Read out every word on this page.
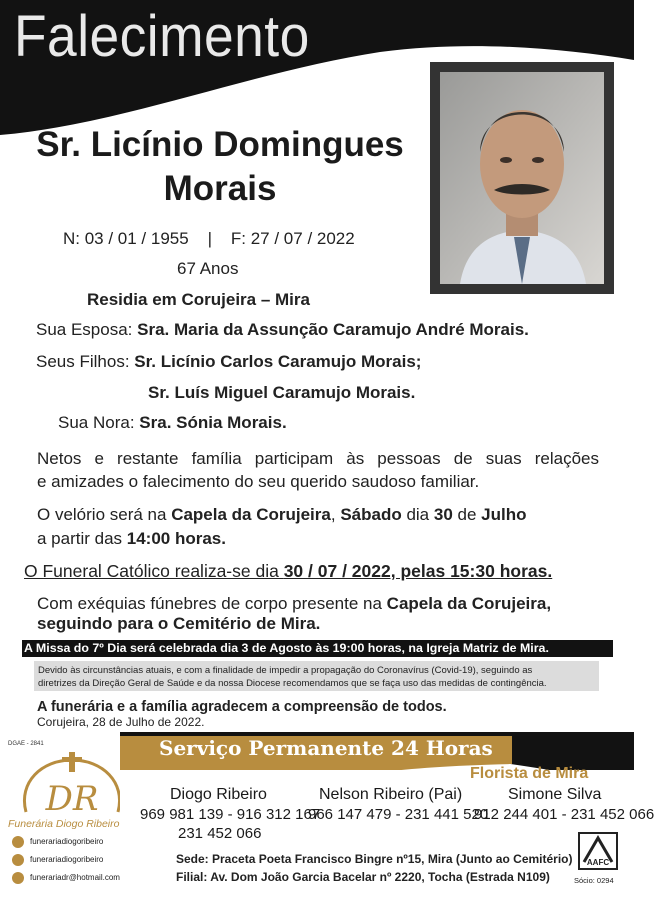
Falecimento
Sr. Licínio Domingues
Morais
N: 03 / 01 / 1955    |    F: 27 / 07 / 2022
67 Anos
Residia em Corujeira – Mira
Sua Esposa: Sra. Maria da Assunção Caramujo André Morais.
Seus Filhos: Sr. Licínio Carlos Caramujo Morais;
Sr. Luís Miguel Caramujo Morais.
Sua Nora: Sra. Sónia Morais.
Netos e restante família participam às pessoas de suas relações
e amizades o falecimento do seu querido saudoso familiar.
O velório será na Capela da Corujeira, Sábado dia 30 de Julho
a partir das 14:00 horas.
O Funeral Católico realiza-se dia 30 / 07 / 2022, pelas 15:30 horas.
Com exéquias fúnebres de corpo presente na Capela da Corujeira,
seguindo para o Cemitério de Mira.
A Missa do 7º Dia será celebrada dia 3 de Agosto às 19:00 horas, na Igreja Matriz de Mira.
Devido às circunstâncias atuais, e com a finalidade de impedir a propagação do Coronavírus (Covid-19), seguindo as
diretrizes da Direção Geral de Saúde e da nossa Diocese recomendamos que se faça uso das medidas de contingência.
A funerária e a família agradecem a compreensão de todos.
Corujeira, 28 de Julho de 2022.
DGAE - 2841	Serviço Permanente 24 Horas
DR
Funerária Diogo Ribeiro
funerariadiogoribeiro
funerariadiogoribeiro
funerariadr@hotmail.com
Florista de Mira
Diogo Ribeiro
969 981 139 - 916 312 167
231 452 066
Nelson Ribeiro (Pai)
966 147 479 - 231 441 520
Simone Silva
912 244 401 - 231 452 066
Sede: Praceta Poeta Francisco Bingre nº15, Mira (Junto ao Cemitério)
Filial: Av. Dom João Garcia Bacelar nº 2220, Tocha (Estrada N109)
AAFC
Sócio: 0294
